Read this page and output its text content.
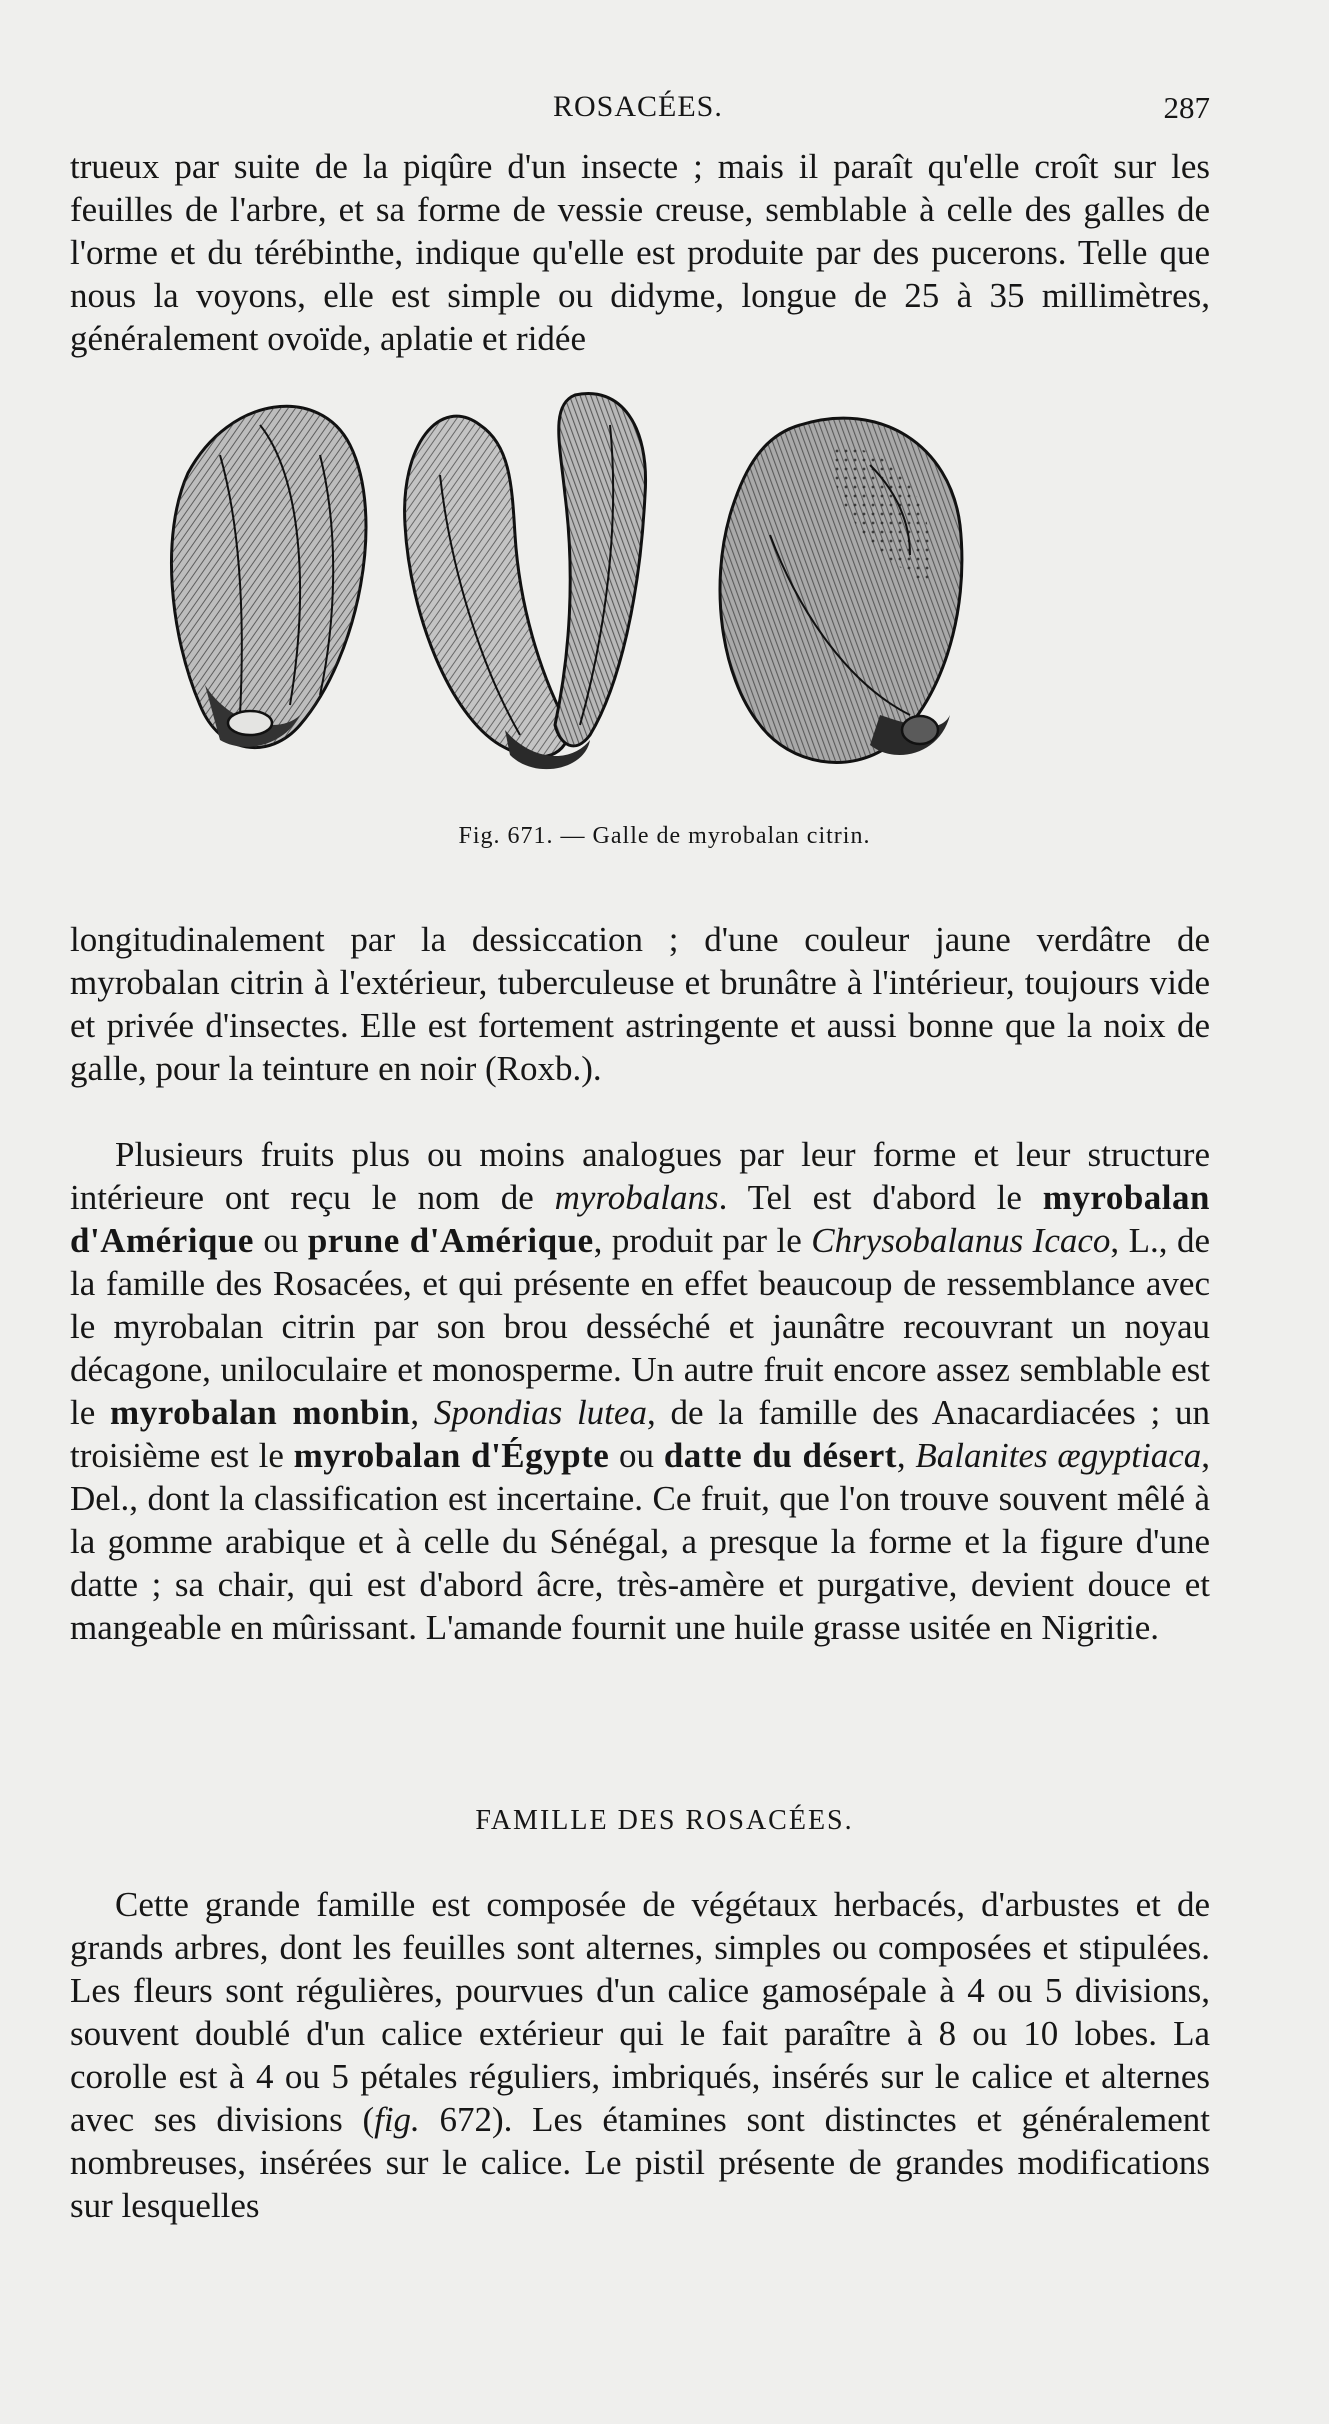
ROSACÉES.	287

trueux par suite de la piqûre d'un insecte ; mais il paraît qu'elle croît sur les feuilles de l'arbre, et sa forme de vessie creuse, semblable à celle des galles de l'orme et du térébinthe, indique qu'elle est produite par des pucerons. Telle que nous la voyons, elle est simple ou didyme, longue de 25 à 35 millimètres, généralement ovoïde, aplatie et ridée

Fig. 671. — Galle de myrobalan citrin.

longitudinalement par la dessiccation ; d'une couleur jaune verdâtre de myrobalan citrin à l'extérieur, tuberculeuse et brunâtre à l'intérieur, toujours vide et privée d'insectes. Elle est fortement astringente et aussi bonne que la noix de galle, pour la teinture en noir (Roxb.).

Plusieurs fruits plus ou moins analogues par leur forme et leur structure intérieure ont reçu le nom de myrobalans. Tel est d'abord le myrobalan d'Amérique ou prune d'Amérique, produit par le Chrysobalanus Icaco, L., de la famille des Rosacées, et qui présente en effet beaucoup de ressemblance avec le myrobalan citrin par son brou desséché et jaunâtre recouvrant un noyau décagone, uniloculaire et monosperme. Un autre fruit encore assez semblable est le myrobalan monbin, Spondias lutea, de la famille des Anacardiacées ; un troisième est le myrobalan d'Égypte ou datte du désert, Balanites ægyptiaca, Del., dont la classification est incertaine. Ce fruit, que l'on trouve souvent mêlé à la gomme arabique et à celle du Sénégal, a presque la forme et la figure d'une datte ; sa chair, qui est d'abord âcre, très-amère et purgative, devient douce et mangeable en mûrissant. L'amande fournit une huile grasse usitée en Nigritie.

FAMILLE DES ROSACÉES.

Cette grande famille est composée de végétaux herbacés, d'arbustes et de grands arbres, dont les feuilles sont alternes, simples ou composées et stipulées. Les fleurs sont régulières, pourvues d'un calice gamosépale à 4 ou 5 divisions, souvent doublé d'un calice extérieur qui le fait paraître à 8 ou 10 lobes. La corolle est à 4 ou 5 pétales réguliers, imbriqués, insérés sur le calice et alternes avec ses divisions (fig. 672). Les étamines sont distinctes et généralement nombreuses, insérées sur le calice. Le pistil présente de grandes modifications sur lesquelles
